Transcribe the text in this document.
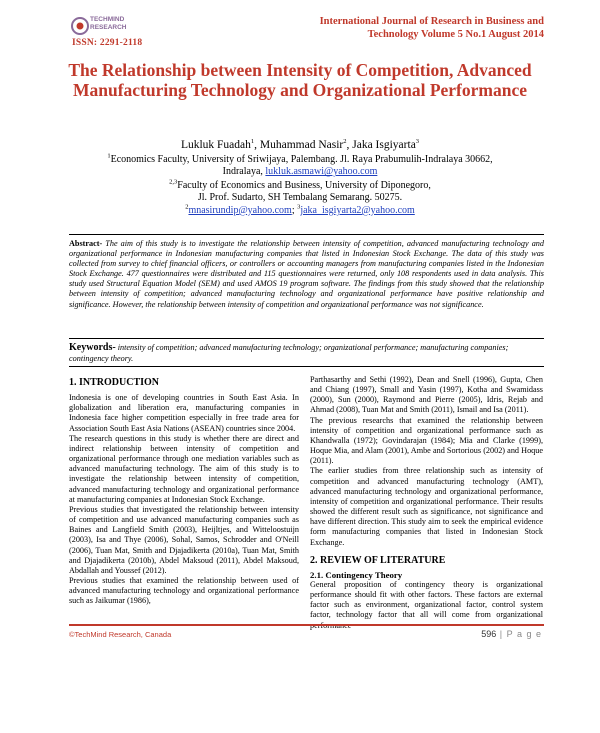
TECHMIND
RESEARCH
ISSN: 2291-2118
International Journal of Research in Business and
Technology Volume 5 No.1 August 2014
The Relationship between Intensity of Competition, Advanced Manufacturing Technology and Organizational Performance
Lukluk Fuadah$^1$, Muhammad Nasir$^2$, Jaka Isgiyarta$^3$
$^1$Economics Faculty, University of Sriwijaya, Palembang. Jl. Raya Prabumulih-Indralaya 30662,
Indralaya, lukluk.asmawi@yahoo.com
$^{2,3}$Faculty of Economics and Business, University of Diponegoro,
Jl. Prof. Sudarto, SH Tembalang Semarang. 50275.
$^2$mnasirundip@yahoo.com; $^3$jaka_isgiyarta2@yahoo.com
Abstract- The aim of this study is to investigate the relationship between intensity of competition, advanced manufacturing technology and organizational performance in Indonesian manufacturing companies that listed in Indonesian Stock Exchange. The data of this study was collected from survey to chief financial officers, or controllers or accounting managers from manufacturing companies listed in the Indonesian Stock Exchange. 477 questionnaires were distributed and 115 questionnaires were returned, only 108 respondents used in data analysis. This study used Structural Equation Model (SEM) and used AMOS 19 program software. The findings from this study showed that the relationship between intensity of competition; advanced manufacturing technology and organizational performance have positive relationship and significance. However, the relationship between intensity of competition and organizational performance was not significance.
Keywords- intensity of competition; advanced manufacturing technology; organizational performance; manufacturing companies; contingency theory.
1. INTRODUCTION

Indonesia is one of developing countries in South East Asia. In globalization and liberation era, manufacturing companies in Indonesia face higher competition especially in free trade area for Association South East Asia Nations (ASEAN) countries since 2004.

The research questions in this study is whether there are direct and indirect relationship between intensity of competition and organizational performance through one mediation variables such as advanced manufacturing technology. The aim of this study is to investigate the relationship between intensity of competition, advanced manufacturing technology and organizational performance at manufacturing companies at Indonesian Stock Exchange.

Previous studies that investigated the relationship between intensity of competition and use advanced manufacturing companies such as Baines and Langfield Smith (2003), Heijltjes, and Witteloostuijn (2003), Isa and Thye (2006), Sohal, Samos, Schrodder and O'Neill (2006), Tuan Mat, Smith and Djajadikerta (2010a), Tuan Mat, Smith and Djajadikerta (2010b), Abdel Maksoud (2011), Abdel Maksoud, Abdallah and Youssef (2012).

Previous studies that examined the relationship between used of advanced manufacturing technology and organizational performance such as Jaikumar (1986),

Parthasarthy and Sethi (1992), Dean and Snell (1996), Gupta, Chen and Chiang (1997), Small and Yasin (1997), Kotha and Swamidass (2000), Sun (2000), Raymond and Pierre (2005), Idris, Rejab and Ahmad (2008), Tuan Mat and Smith (2011), Ismail and Isa (2011).

The previous researchs that examined the relationship between intensity of competition and organizational performance such as Khandwalla (1972); Govindarajan (1984); Mia and Clarke (1999), Hoque Mia, and Alam (2001), Ambe and Sortorious (2002) and Hoque (2011).

The earlier studies from three relationship such as intensity of competition and advanced manufacturing technology (AMT), advanced manufacturing technology and organizational performance, intensity of competition and organizational performance. Their results showed the different result such as significance, not significance and have different direction. This study aim to seek the empirical evidence form manufacturing companies that listed in Indonesian Stock Exchange.

2. REVIEW OF LITERATURE
2.1. Contingency Theory

General proposition of contingency theory is organizational performance should fit with other factors. These factors are external factor such as environment, organizational factor, control system factor, technology factor that all will come from organizational

©TechMind Research, Canada	596 | P a g e
